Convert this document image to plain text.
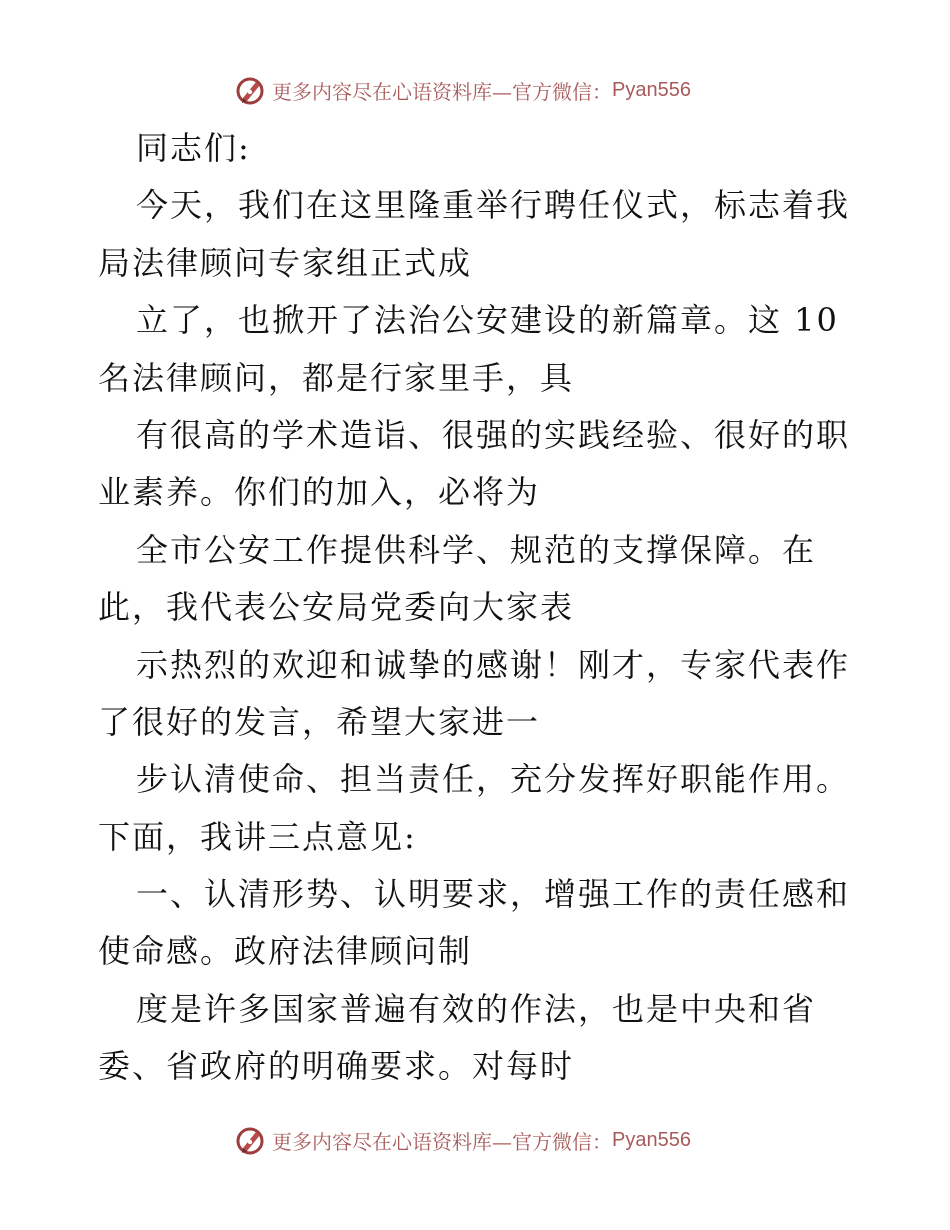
更多内容尽在心语资料库—官方微信： Pyan556
同志们:
今天，我们在这里隆重举行聘任仪式，标志着我
局法律顾问专家组正式成
立了，也掀开了法治公安建设的新篇章。这 10
名法律顾问，都是行家里手，具
有很高的学术造诣、很强的实践经验、很好的职
业素养。你们的加入，必将为
全市公安工作提供科学、规范的支撑保障。在
此，我代表公安局党委向大家表
示热烈的欢迎和诚挚的感谢！刚才，专家代表作
了很好的发言，希望大家进一
步认清使命、担当责任，充分发挥好职能作用。
下面，我讲三点意见:
一、认清形势、认明要求，增强工作的责任感和
使命感。政府法律顾问制
度是许多国家普遍有效的作法，也是中央和省
委、省政府的明确要求。对每时
更多内容尽在心语资料库—官方微信： Pyan556
